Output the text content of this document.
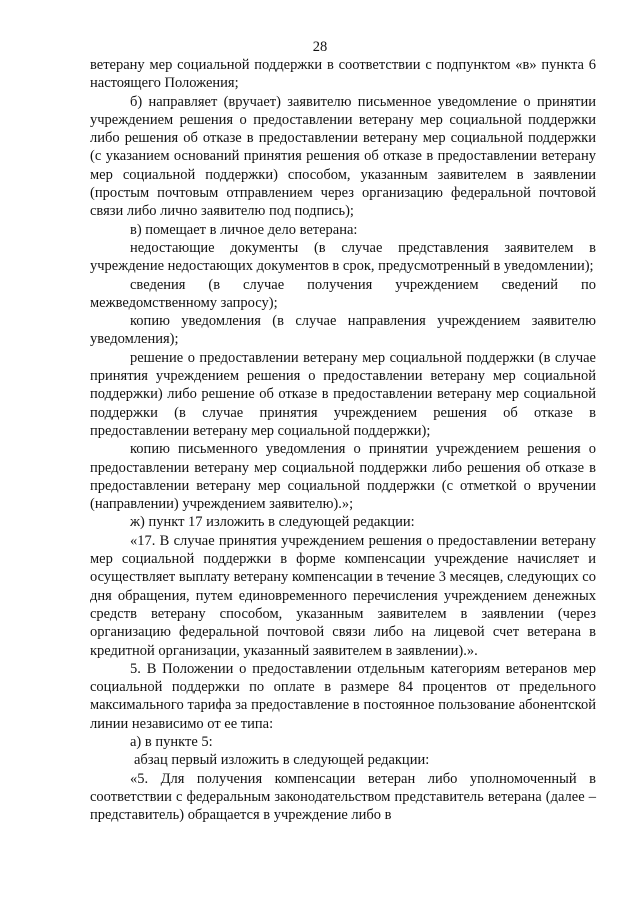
28

ветерану мер социальной поддержки в соответствии с подпунктом «в» пункта 6 настоящего Положения;

б) направляет (вручает) заявителю письменное уведомление о принятии учреждением решения о предоставлении ветерану мер социальной поддержки либо решения об отказе в предоставлении ветерану мер социальной поддержки (с указанием оснований принятия решения об отказе в предоставлении ветерану мер социальной поддержки) способом, указанным заявителем в заявлении (простым почтовым отправлением через организацию федеральной почтовой связи либо лично заявителю под подпись);

в) помещает в личное дело ветерана:

недостающие документы (в случае представления заявителем в учреждение недостающих документов в срок, предусмотренный в уведомлении);

сведения (в случае получения учреждением сведений по межведомственному запросу);

копию уведомления (в случае направления учреждением заявителю уведомления);

решение о предоставлении ветерану мер социальной поддержки (в случае принятия учреждением решения о предоставлении ветерану мер социальной поддержки) либо решение об отказе в предоставлении ветерану мер социальной поддержки (в случае принятия учреждением решения об отказе в предоставлении ветерану мер социальной поддержки);

копию письменного уведомления о принятии учреждением решения о предоставлении ветерану мер социальной поддержки либо решения об отказе в предоставлении ветерану мер социальной поддержки (с отметкой о вручении (направлении) учреждением заявителю).»;

ж) пункт 17 изложить в следующей редакции:

«17. В случае принятия учреждением решения о предоставлении ветерану мер социальной поддержки в форме компенсации учреждение начисляет и осуществляет выплату ветерану компенсации в течение 3 месяцев, следующих со дня обращения, путем единовременного перечисления учреждением денежных средств ветерану способом, указанным заявителем в заявлении (через организацию федеральной почтовой связи либо на лицевой счет ветерана в кредитной организации, указанный заявителем в заявлении).».

5. В Положении о предоставлении отдельным категориям ветеранов мер социальной поддержки по оплате в размере 84 процентов от предельного максимального тарифа за предоставление в постоянное пользование абонентской линии независимо от ее типа:

а) в пункте 5:

абзац первый изложить в следующей редакции:

«5. Для получения компенсации ветеран либо уполномоченный в соответствии с федеральным законодательством представитель ветерана (далее – представитель) обращается в учреждение либо в
